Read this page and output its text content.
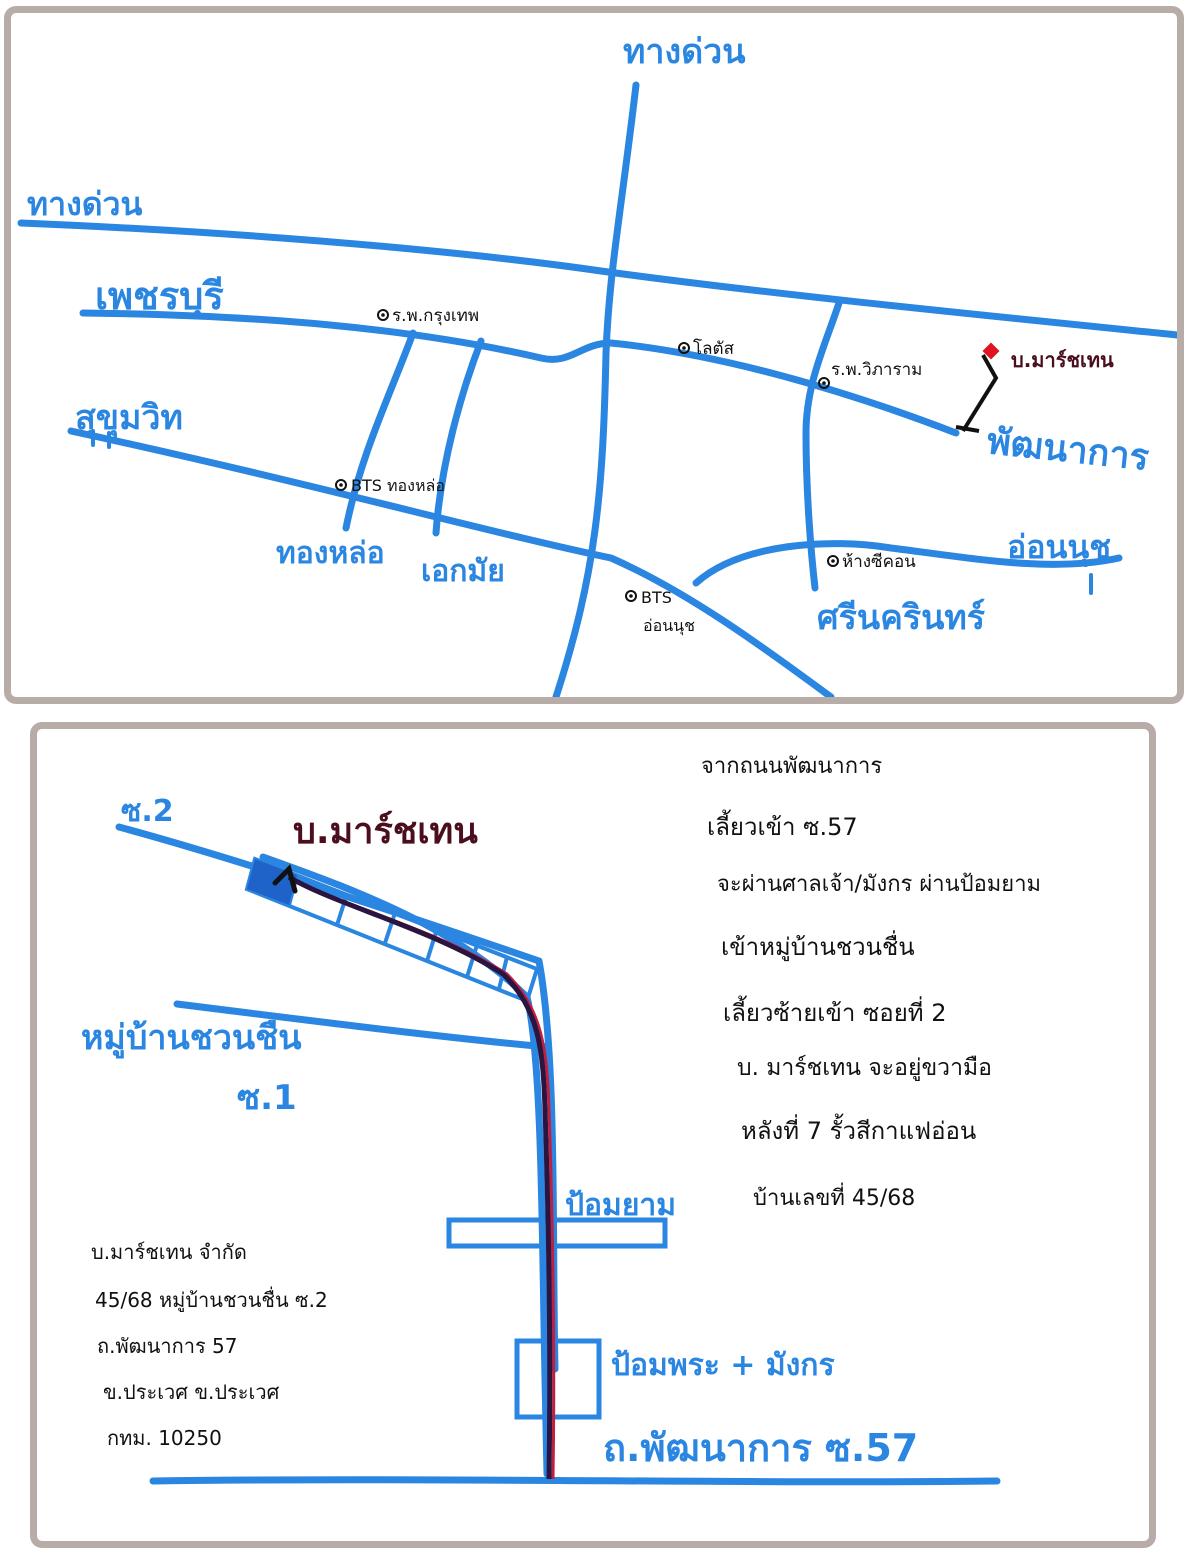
ร.พ.กรุงเทพ
โลตัส
ร.พ.วิภาราม
BTS ทองหล่อ
BTS
อ่อนนุช
ห้างซีคอน
ทางด่วน
ทางด่วน
เพชรบุรี
สุขุมวิท
พัฒนาการ
ทองหล่อ
เอกมัย
อ่อนนุช
ศรีนครินทร์
บ.มาร์ชเทน
ซ.2	บ.มาร์ชเทน
หมู่บ้านชวนชื่น
ซ.1
ป้อมยาม
ป้อมพระ + มังกร
ถ.พัฒนาการ ซ.57
จากถนนพัฒนาการ
เลี้ยวเข้า ซ.57
จะผ่านศาลเจ้า/มังกร ผ่านป้อมยาม
เข้าหมู่บ้านชวนชื่น
เลี้ยวซ้ายเข้า ซอยที่ 2
บ. มาร์ชเทน จะอยู่ขวามือ
หลังที่ 7 รั้วสีกาแฟอ่อน
บ้านเลขที่ 45/68
บ.มาร์ชเทน จำกัด
45/68 หมู่บ้านชวนชื่น ซ.2
ถ.พัฒนาการ 57
ข.ประเวศ ข.ประเวศ
กทม. 10250
